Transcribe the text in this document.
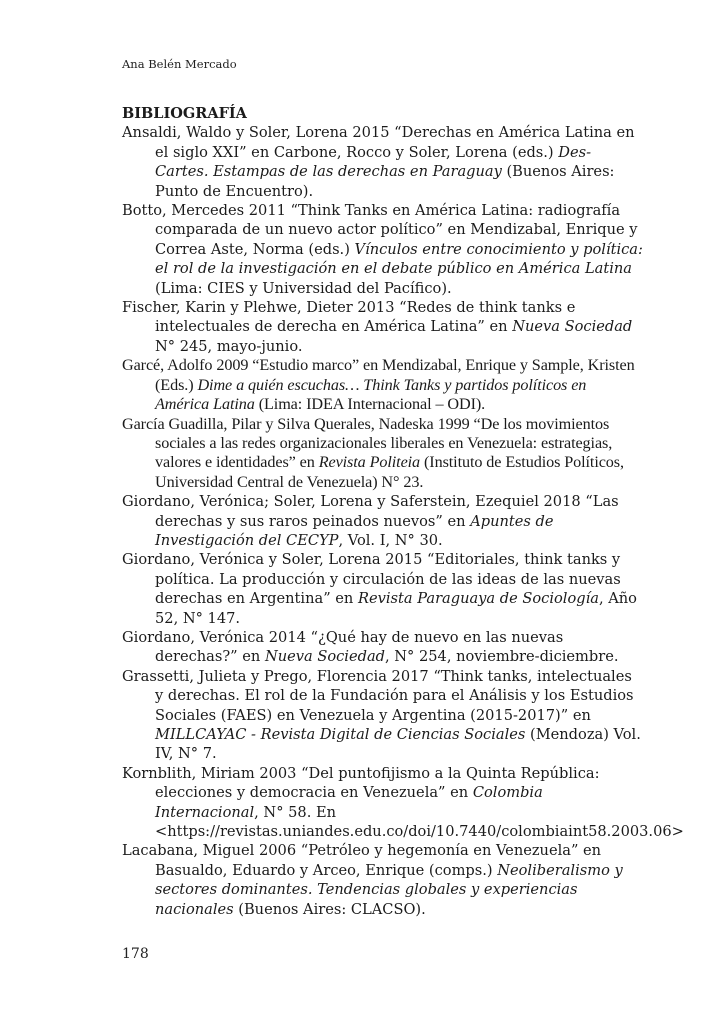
Ana Belén Mercado

BIBLIOGRAFÍA

Ansaldi, Waldo y Soler, Lorena 2015 “Derechas en América Latina en el siglo XXI” en Carbone, Rocco y Soler, Lorena (eds.) Des-Cartes. Estampas de las derechas en Paraguay (Buenos Aires: Punto de Encuentro).

Botto, Mercedes 2011 “Think Tanks en América Latina: radiografía comparada de un nuevo actor político” en Mendizabal, Enrique y Correa Aste, Norma (eds.) Vínculos entre conocimiento y política: el rol de la investigación en el debate público en América Latina (Lima: CIES y Universidad del Pacífico).

Fischer, Karin y Plehwe, Dieter 2013 “Redes de think tanks e intelectuales de derecha en América Latina” en Nueva Sociedad N° 245, mayo-junio.

Garcé, Adolfo 2009 “Estudio marco” en Mendizabal, Enrique y Sample, Kristen (Eds.) Dime a quién escuchas… Think Tanks y partidos políticos en América Latina (Lima: IDEA Internacional – ODI).

García Guadilla, Pilar y Silva Querales, Nadeska 1999 “De los movimientos sociales a las redes organizacionales liberales en Venezuela: estrategias, valores e identidades” en Revista Politeia (Instituto de Estudios Políticos, Universidad Central de Venezuela) N° 23.

Giordano, Verónica; Soler, Lorena y Saferstein, Ezequiel 2018 “Las derechas y sus raros peinados nuevos” en Apuntes de Investigación del CECYP, Vol. I, N° 30.

Giordano, Verónica y Soler, Lorena 2015 “Editoriales, think tanks y política. La producción y circulación de las ideas de las nuevas derechas en Argentina” en Revista Paraguaya de Sociología, Año 52, N° 147.

Giordano, Verónica 2014 “¿Qué hay de nuevo en las nuevas derechas?” en Nueva Sociedad, N° 254, noviembre-diciembre.

Grassetti, Julieta y Prego, Florencia 2017 “Think tanks, intelectuales y derechas. El rol de la Fundación para el Análisis y los Estudios Sociales (FAES) en Venezuela y Argentina (2015-2017)” en MILLCAYAC - Revista Digital de Ciencias Sociales (Mendoza) Vol. IV, N° 7.

Kornblith, Miriam 2003 “Del puntofijismo a la Quinta República: elecciones y democracia en Venezuela” en Colombia Internacional, N° 58. En <https://revistas.uniandes.edu.co/doi/10.7440/colombiaint58.2003.06>

Lacabana, Miguel 2006 “Petróleo y hegemonía en Venezuela” en Basualdo, Eduardo y Arceo, Enrique (comps.) Neoliberalismo y sectores dominantes. Tendencias globales y experiencias nacionales (Buenos Aires: CLACSO).

178
